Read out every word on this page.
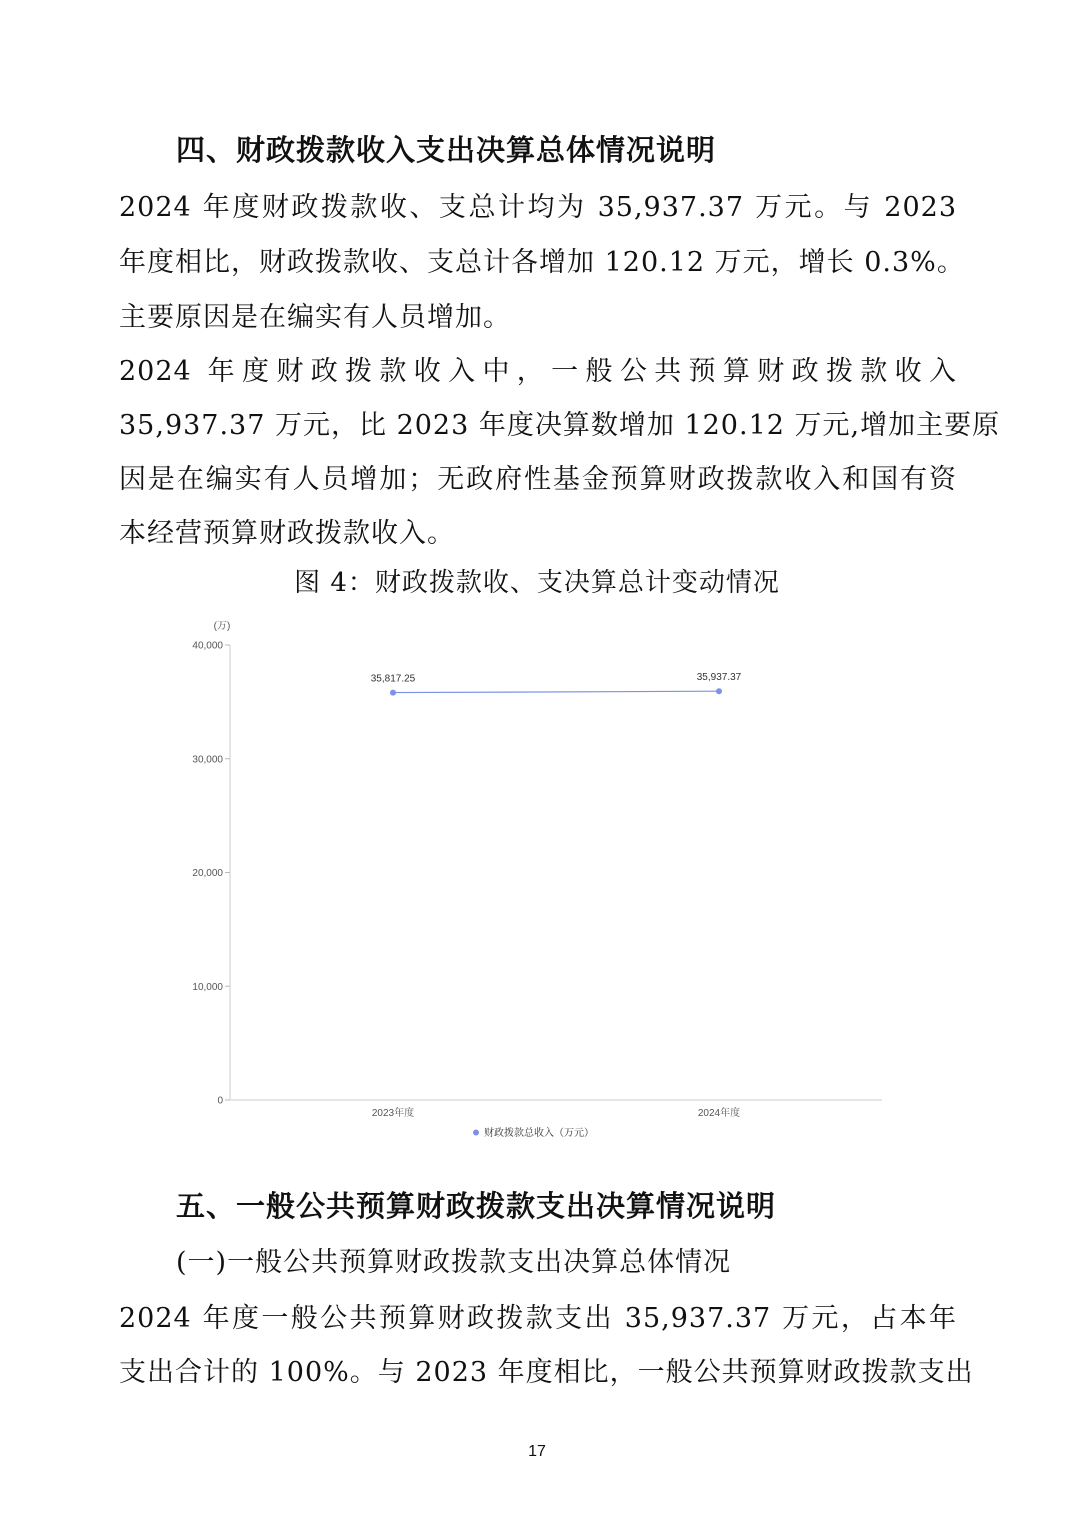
四、财政拨款收入支出决算总体情况说明
2024 年度财政拨款收、支总计均为 35,937.37 万元。与 2023
年度相比，财政拨款收、支总计各增加 120.12 万元，增长 0.3%。
主要原因是在编实有人员增加。
2024 年度财政拨款收入中，一般公共预算财政拨款收入
35,937.37 万元，比 2023 年度决算数增加 120.12 万元,增加主要原
因是在编实有人员增加；无政府性基金预算财政拨款收入和国有资
本经营预算财政拨款收入。
图 4：财政拨款收、支决算总计变动情况
(万)
0
10,000
20,000
30,000
40,000
2023年度	2024年度
35,817.25	35,937.37
财政拨款总收入（万元）
五、一般公共预算财政拨款支出决算情况说明
(一)一般公共预算财政拨款支出决算总体情况
2024 年度一般公共预算财政拨款支出 35,937.37 万元，占本年
支出合计的 100%。与 2023 年度相比，一般公共预算财政拨款支出
17
